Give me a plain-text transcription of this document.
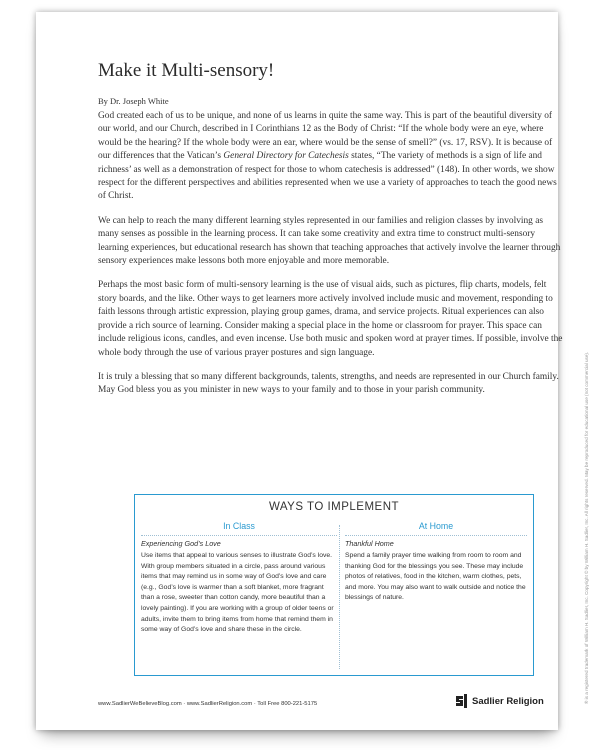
Make it Multi-sensory!
By Dr. Joseph White

God created each of us to be unique, and none of us learns in quite the same way. This is part of the beautiful diversity of our world, and our Church, described in I Corinthians 12 as the Body of Christ: “If the whole body were an eye, where would be the hearing? If the whole body were an ear, where would be the sense of smell?” (vs. 17, RSV). It is because of our differences that the Vatican’s General Directory for Catechesis states, “The variety of methods is a sign of life and richness’ as well as a demonstration of respect for those to whom catechesis is addressed” (148). In other words, we show respect for the different perspectives and abilities represented when we use a variety of approaches to teach the good news of Christ.

We can help to reach the many different learning styles represented in our families and religion classes by involving as many senses as possible in the learning process. It can take some creativity and extra time to construct multi-sensory learning experiences, but educational research has shown that teaching approaches that actively involve the learner through sensory experiences make lessons both more enjoyable and more memorable.

Perhaps the most basic form of multi-sensory learning is the use of visual aids, such as pictures, flip charts, models, felt story boards, and the like. Other ways to get learners more actively involved include music and movement, responding to faith lessons through artistic expression, playing group games, drama, and service projects. Ritual experiences can also provide a rich source of learning. Consider making a special place in the home or classroom for prayer. This space can include religious icons, candles, and even incense. Use both music and spoken word at prayer times. If possible, involve the whole body through the use of various prayer postures and sign language.

It is truly a blessing that so many different backgrounds, talents, strengths, and needs are represented in our Church family. May God bless you as you minister in new ways to your family and to those in your parish community.	® is a registered trademark of William H. Sadlier, Inc. Copyright © by William H. Sadlier, Inc. All rights reserved. May be reproduced for educational use (not commercial use).
WAYS TO IMPLEMENT
In Class
Experiencing God’s Love

Use items that appeal to various senses to illustrate God’s love. With group members situated in a circle, pass around various items that may remind us in some way of God’s love and care (e.g., God’s love is warmer than a soft blanket, more fragrant than a rose, sweeter than cotton candy, more beautiful than a lovely painting). If you are working with a group of older teens or adults, invite them to bring items from home that remind them in some way of God’s love and share these in the circle.

At Home
Thankful Home

Spend a family prayer time walking from room to room and thanking God for the blessings you see. These may include photos of relatives, food in the kitchen, warm clothes, pets, and more. You may also want to walk outside and notice the blessings of nature.

www.SadlierWeBelieveBlog.com · www.SadlierReligion.com · Toll Free 800-221-5175	Sadlier Religion
